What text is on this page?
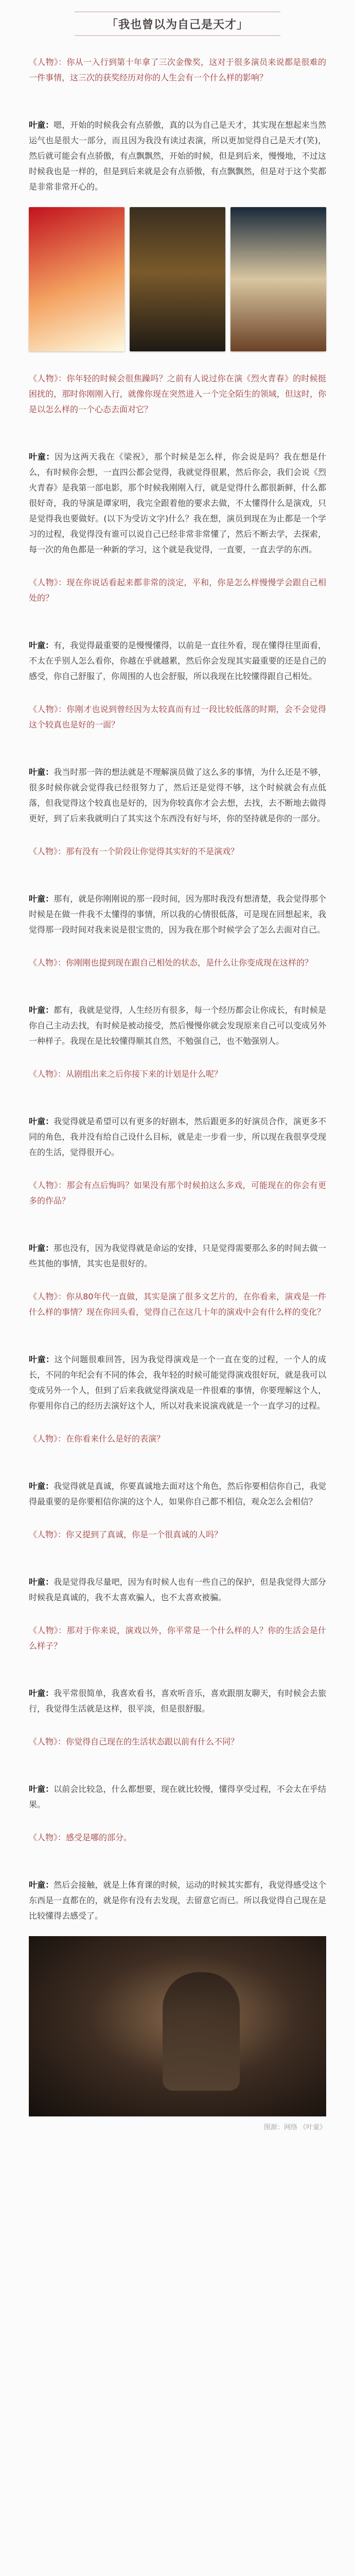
「我也曾以为自己是天才」

《人物》：你从一入行到第十年拿了三次金像奖，这对于很多演员来说都是很难的一件事情，这三次的获奖经历对你的人生会有一个什么样的影响？

叶童：嗯，开始的时候我会有点骄傲，真的以为自己是天才，其实现在想起来当然运气也是很大一部分，而且因为我没有读过表演，所以更加觉得自己是天才(笑)，然后就可能会有点骄傲，有点飘飘然，开始的时候，但是到后来，慢慢地，不过这时候我也是一样的，但是到后来就是会有点骄傲，有点飘飘然，但是对于这个奖都是非常非常开心的。

《人物》：你年轻的时候会很焦躁吗？之前有人说过你在演《烈火青春》的时候挺困扰的，那时你刚刚入行，就像你现在突然进入一个完全陌生的领域，但这时，你是以怎么样的一个心态去面对它？

叶童：因为这两天我在《梁祝》，那个时候是怎么样，你会说是吗？我在想是什么，有时候你会想，一直四公都会觉得，我就觉得很累，然后你会，我们会说《烈火青春》是我第一部电影，那个时候我刚刚入行，就是觉得什么都很新鲜，什么都很好奇，我的导演是谭家明，我完全跟着他的要求去做，不太懂得什么是演戏，只是觉得我也要做好。(以下为受访文字)什么？我在想，演员到现在为止都是一个学习的过程，我觉得没有谁可以说自己已经非常非常懂了，然后不断去学，去探索，每一次的角色都是一种新的学习，这个就是我觉得，一直要，一直去学的东西。

《人物》：现在你说话看起来都非常的淡定，平和，你是怎么样慢慢学会跟自己相处的？

叶童：有，我觉得最重要的是慢慢懂得，以前是一直往外看，现在懂得往里面看，不太在乎别人怎么看你，你越在乎就越累，然后你会发现其实最重要的还是自己的感受，你自己舒服了，你周围的人也会舒服，所以我现在比较懂得跟自己相处。

《人物》：你刚才也说到曾经因为太较真而有过一段比较低落的时期，会不会觉得这个较真也是好的一面？

叶童：我当时那一阵的想法就是不理解演员做了这么多的事情，为什么还是不够，很多时候你就会觉得我已经很努力了，然后还是觉得不够，这个时候就会有点低落，但我觉得这个较真也是好的，因为你较真你才会去想，去找，去不断地去做得更好，到了后来我就明白了其实这个东西没有好与坏，你的坚持就是你的一部分。

《人物》：那有没有一个阶段让你觉得其实好的不是演戏？

叶童：那有，就是你刚刚说的那一段时间，因为那时我没有想清楚，我会觉得那个时候是在做一件我不太懂得的事情，所以我的心情很低落，可是现在回想起来，我觉得那一段时间对我来说是很宝贵的，因为我在那个时候学会了怎么去面对自己。

《人物》：你刚刚也提到现在跟自己相处的状态，是什么让你变成现在这样的？

叶童：都有，我就是觉得，人生经历有很多，每一个经历都会让你成长，有时候是你自己主动去找，有时候是被动接受，然后慢慢你就会发现原来自己可以变成另外一种样子。我现在是比较懂得顺其自然，不勉强自己，也不勉强别人。

《人物》：从剧组出来之后你接下来的计划是什么呢？

叶童：我觉得就是希望可以有更多的好剧本，然后跟更多的好演员合作，演更多不同的角色，我并没有给自己设什么目标，就是走一步看一步，所以现在我很享受现在的生活，觉得很开心。

《人物》：那会有点后悔吗？如果没有那个时候拍这么多戏，可能现在的你会有更多的作品？

叶童：那也没有，因为我觉得就是命运的安排，只是觉得需要那么多的时间去做一些其他的事情，其实也是很好的。

《人物》：你从80年代一直做，其实是演了很多文艺片的，在你看来，演戏是一件什么样的事情？现在你回头看，觉得自己在这几十年的演戏中会有什么样的变化？

叶童：这个问题很难回答，因为我觉得演戏是一个一直在变的过程，一个人的成长，不同的年纪会有不同的体会，我年轻的时候可能觉得演戏很好玩，就是我可以变成另外一个人，但到了后来我就觉得演戏是一件很难的事情，你要理解这个人，你要用你自己的经历去演好这个人，所以对我来说演戏就是一个一直学习的过程。

《人物》：在你看来什么是好的表演？

叶童：我觉得就是真诚，你要真诚地去面对这个角色，然后你要相信你自己，我觉得最重要的是你要相信你演的这个人，如果你自己都不相信，观众怎么会相信？

《人物》：你又提到了真诚，你是一个很真诚的人吗？

叶童：我是觉得我尽量吧，因为有时候人也有一些自己的保护，但是我觉得大部分时候我是真诚的，我不太喜欢骗人，也不太喜欢被骗。

《人物》：那对于你来说，演戏以外，你平常是一个什么样的人？你的生活会是什么样子？

叶童：我平常很简单，我喜欢看书，喜欢听音乐，喜欢跟朋友聊天，有时候会去旅行，我觉得生活就是这样，很平淡，但是很舒服。

《人物》：你觉得自己现在的生活状态跟以前有什么不同？

叶童：以前会比较急，什么都想要，现在就比较慢，懂得享受过程，不会太在乎结果。

《人物》：感受是哪的部分。

叶童：然后会接触，就是上体育课的时候，运动的时候其实都有，我觉得感受这个东西是一直都在的，就是你有没有去发现，去留意它而已。所以我觉得自己现在是比较懂得去感受了。

图源：网络 《叶童》
